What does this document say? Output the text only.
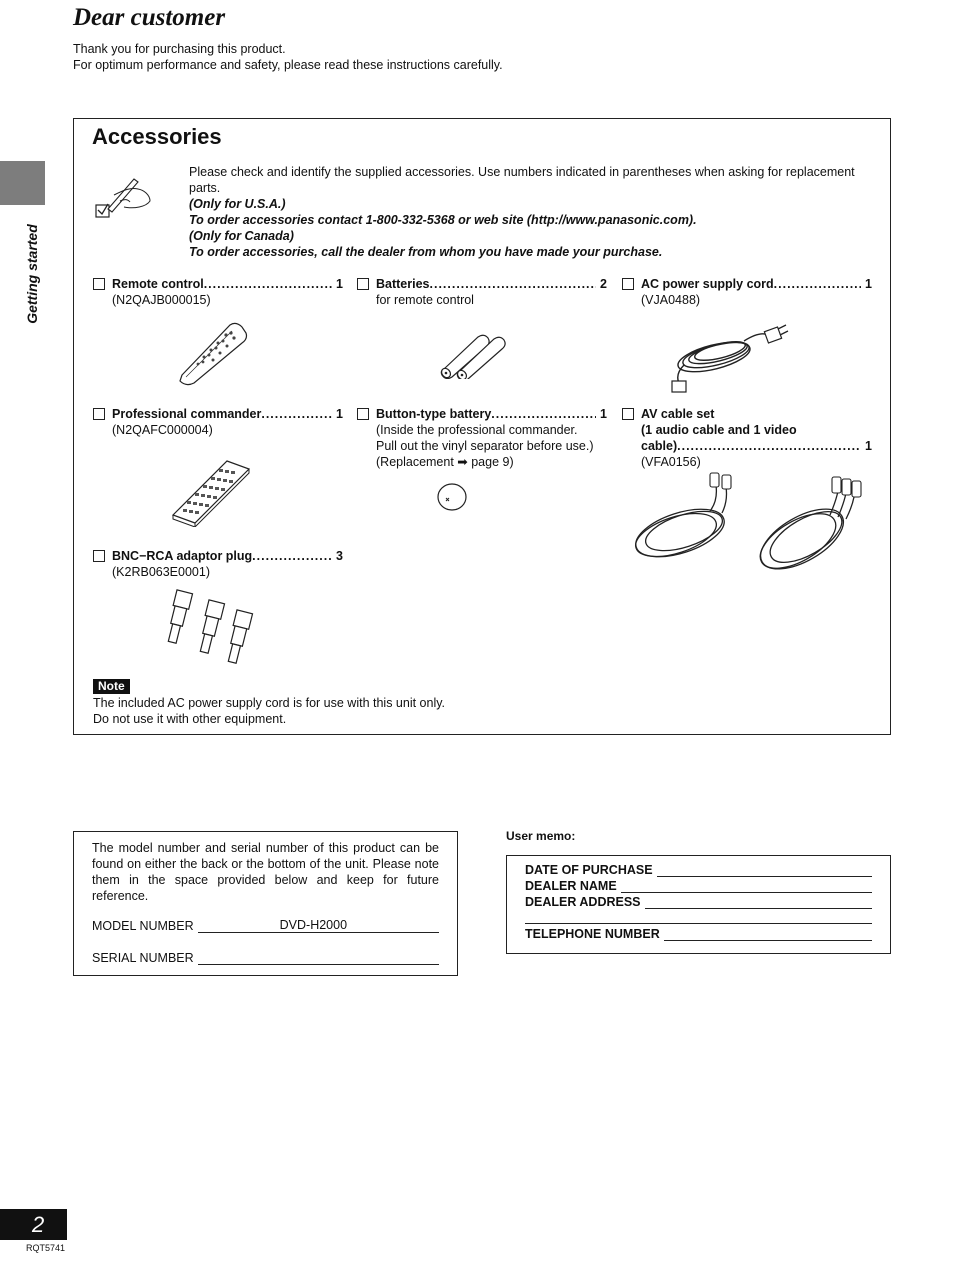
Dear customer
Thank you for purchasing this product.
For optimum performance and safety, please read these instructions carefully.
Getting started
Accessories
Please check and identify the supplied accessories. Use numbers indicated in parentheses when asking for replacement parts.
(Only for U.S.A.)
To order accessories contact 1-800-332-5368 or web site (http://www.panasonic.com).
(Only for Canada)
To order accessories, call the dealer from whom you have made your purchase.
Remote control .....	1
(N2QAJB000015)
Batteries .....	2
for remote control
AC power supply cord .....	1
(VJA0488)
Professional commander .....	1
(N2QAFC000004)
Button-type battery .....	1
(Inside the professional commander.
Pull out the vinyl separator before use.)
(Replacement ➡ page 9)
AV cable set
(1 audio cable and 1 video
cable) .....	1
(VFA0156)
BNC−RCA adaptor plug .....	3
(K2RB063E0001)
Note
The included AC power supply cord is for use with this unit only.
Do not use it with other equipment.
The model number and serial number of this product can be found on either the back or the bottom of the unit. Please note them in the space provided below and keep for future reference.
MODEL NUMBER	DVD-H2000
SERIAL NUMBER
User memo:
DATE OF PURCHASE
DEALER NAME
DEALER ADDRESS
TELEPHONE NUMBER
2
RQT5741
